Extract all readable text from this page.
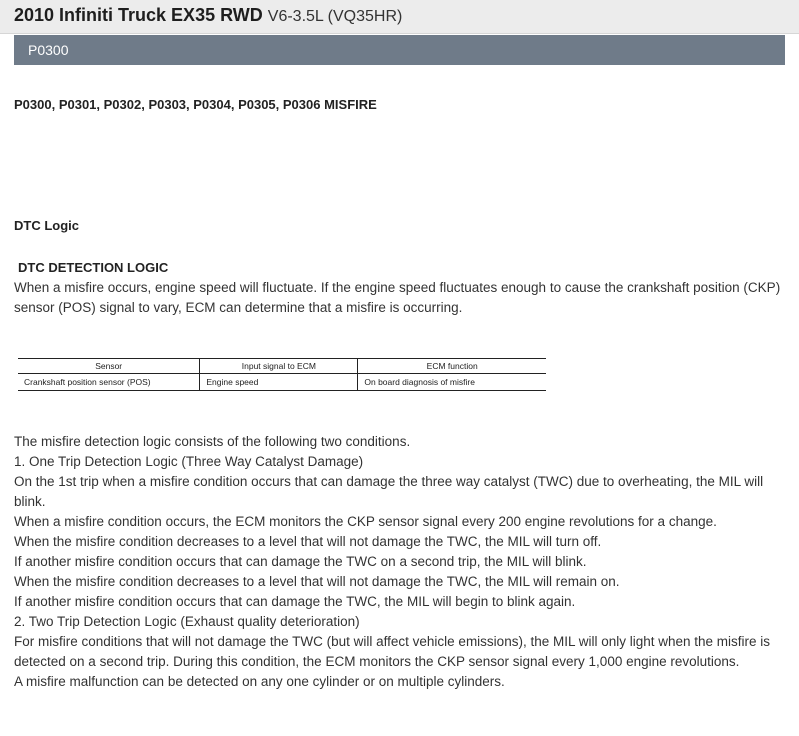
2010 Infiniti Truck EX35 RWD V6-3.5L (VQ35HR)
P0300
P0300, P0301, P0302, P0303, P0304, P0305, P0306 MISFIRE
DTC Logic
DTC DETECTION LOGIC

When a misfire occurs, engine speed will fluctuate. If the engine speed fluctuates enough to cause the crankshaft position (CKP) sensor (POS) signal to vary, ECM can determine that a misfire is occurring.

Sensor	Input signal to ECM	ECM function
Crankshaft position sensor (POS)	Engine speed	On board diagnosis of misfire
The misfire detection logic consists of the following two conditions.
1. One Trip Detection Logic (Three Way Catalyst Damage)
On the 1st trip when a misfire condition occurs that can damage the three way catalyst (TWC) due to overheating, the MIL will blink.
When a misfire condition occurs, the ECM monitors the CKP sensor signal every 200 engine revolutions for a change.
When the misfire condition decreases to a level that will not damage the TWC, the MIL will turn off.
If another misfire condition occurs that can damage the TWC on a second trip, the MIL will blink.
When the misfire condition decreases to a level that will not damage the TWC, the MIL will remain on.
If another misfire condition occurs that can damage the TWC, the MIL will begin to blink again.
2. Two Trip Detection Logic (Exhaust quality deterioration)
For misfire conditions that will not damage the TWC (but will affect vehicle emissions), the MIL will only light when the misfire is detected on a second trip. During this condition, the ECM monitors the CKP sensor signal every 1,000 engine revolutions.
A misfire malfunction can be detected on any one cylinder or on multiple cylinders.
